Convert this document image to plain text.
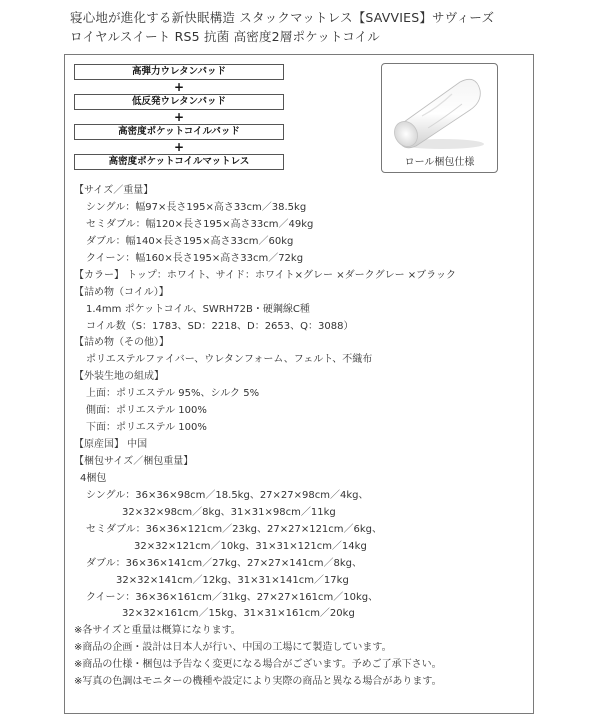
寝心地が進化する新快眠構造 スタックマットレス【SAVVIES】サヴィーズ
ロイヤルスイート RS5 抗菌 高密度2層ポケットコイル
高弾力ウレタンパッド
+
低反発ウレタンパッド
+
高密度ポケットコイルパッド
+
高密度ポケットコイルマットレス	ロール梱包仕様
【サイズ／重量】
シングル：幅97×長さ195×高さ33cm／38.5kg
セミダブル：幅120×長さ195×高さ33cm／49kg
ダブル：幅140×長さ195×高さ33cm／60kg
クイーン：幅160×長さ195×高さ33cm／72kg
【カラー】 トップ：ホワイト、サイド：ホワイト×グレー ×ダークグレー ×ブラック
【詰め物（コイル）】
1.4mm ポケットコイル、SWRH72B・硬鋼線C種
コイル数（S：1783、SD：2218、D：2653、Q：3088）
【詰め物（その他）】
ポリエステルファイバー、ウレタンフォーム、フェルト、不織布
【外装生地の組成】
上面：ポリエステル 95%、シルク 5%
側面：ポリエステル 100%
下面：ポリエステル 100%
【原産国】 中国
【梱包サイズ／梱包重量】
4梱包
シングル：36×36×98cm／18.5kg、27×27×98cm／4kg、
32×32×98cm／8kg、31×31×98cm／11kg
セミダブル：36×36×121cm／23kg、27×27×121cm／6kg、
32×32×121cm／10kg、31×31×121cm／14kg
ダブル：36×36×141cm／27kg、27×27×141cm／8kg、
32×32×141cm／12kg、31×31×141cm／17kg
クイーン：36×36×161cm／31kg、27×27×161cm／10kg、
32×32×161cm／15kg、31×31×161cm／20kg
※各サイズと重量は概算になります。
※商品の企画・設計は日本人が行い、中国の工場にて製造しています。
※商品の仕様・梱包は予告なく変更になる場合がございます。予めご了承下さい。
※写真の色調はモニターの機種や設定により実際の商品と異なる場合があります。
